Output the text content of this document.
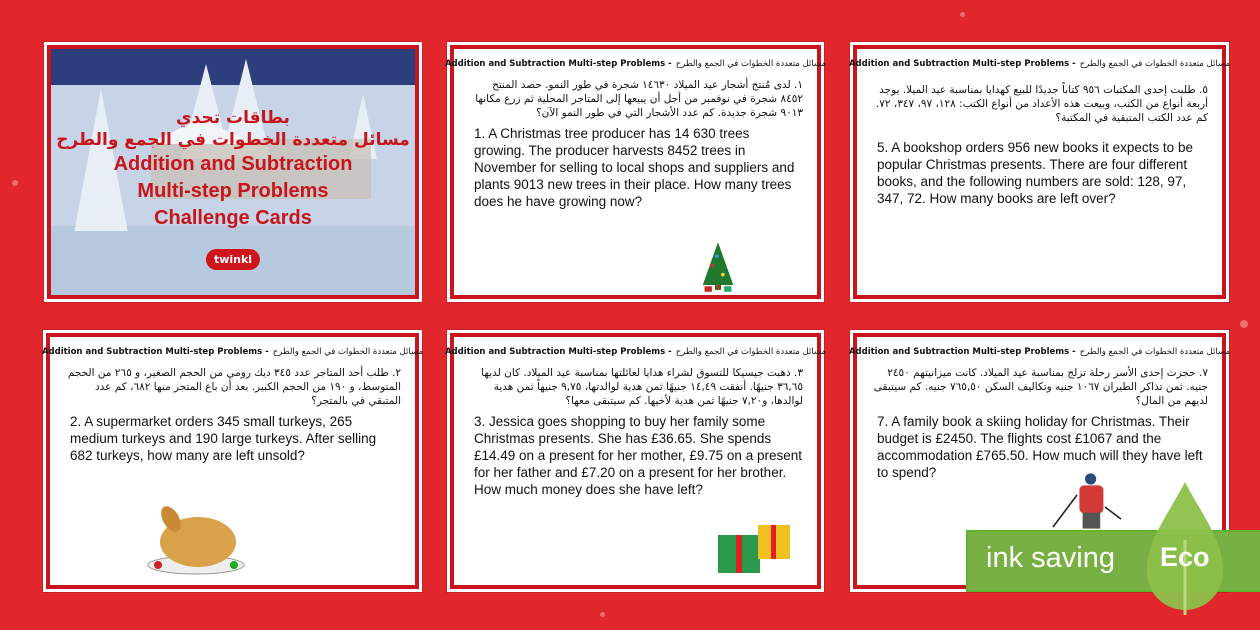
بطاقات تحدي
مسائل متعددة الخطوات في الجمع والطرح
Addition and Subtraction
Multi-step Problems
Challenge Cards
twinkl
Addition and Subtraction Multi-step Problems - مسائل متعددة الخطوات في الجمع والطرح
١. لدى مُنتج أشجار عيد الميلاد ١٤٦٣٠ شجرة في طور النمو. حصد المنتج ٨٤٥٢ شجرة في نوفمبر من أجل أن يبيعها إلى المتاجر المحلية ثم زرع مكانها ٩٠١٣ شجرة جديدة. كم عدد الأشجار التي في طور النمو الآن؟
1. A Christmas tree producer has 14 630 trees growing. The producer harvests 8452 trees in November for selling to local shops and suppliers and plants 9013 new trees in their place. How many trees does he have growing now?
Addition and Subtraction Multi-step Problems - مسائل متعددة الخطوات في الجمع والطرح
٥. طلبت إحدى المكتبات ٩٥٦ كتاباً جديدًا للبيع كهدايا بمناسبة عيد الميلا. يوجد أربعة أنواع من الكتب، وبيعت هذه الأعداد من أنواع الكتب: ١٢٨، ٩٧، ٣٤٧، ٧٢. كم عدد الكتب المتبقية في المكتبة؟
5. A bookshop orders 956 new books it expects to be popular Christmas presents. There are four different books, and the following numbers are sold: 128, 97, 347, 72. How many books are left over?
Addition and Subtraction Multi-step Problems - مسائل متعددة الخطوات في الجمع والطرح
٢. طلب أحد المتاجر عدد ٣٤٥ ديك رومي من الحجم الصغير، و ٢٦٥ من الحجم المتوسط، و ١٩٠ من الحجم الكبير. بعد أن باع المتجر منها ٦٨٢، كم عدد المتبقي في بالمتجر؟
2. A supermarket orders 345 small turkeys, 265 medium turkeys and 190 large turkeys. After selling 682 turkeys, how many are left unsold?
Addition and Subtraction Multi-step Problems - مسائل متعددة الخطوات في الجمع والطرح
٣. ذهبت جيسيكا للتسوق لشراء هدايا لعائلتها بمناسبة عيد الميلاد. كان لديها ٣٦,٦٥ جنيهًا. أنفقت ١٤,٤٩ جنيهًا ثمن هدية لوالدتها، ٩,٧٥ جنيهاً ثمن هدية لوالدها، و٧,٢٠ جنيهًا ثمن هدية لأخيها. كم سيتبقى معها؟
3. Jessica goes shopping to buy her family some Christmas presents. She has £36.65. She spends £14.49 on a present for her mother, £9.75 on a present for her father and £7.20 on a present for her brother. How much money does she have left?
Addition and Subtraction Multi-step Problems - مسائل متعددة الخطوات في الجمع والطرح
٧. حجزت إحدى الأسر رحلة تزلج بمناسبة عيد الميلاد. كانت ميزانيتهم ٢٤٥٠ جنيه. ثمن تذاكر الطيران ١٠٦٧ جنيه وتكاليف السكن ٧٦٥,٥٠ جنيه. كم سيتبقى لديهم من المال؟
7. A family book a skiing holiday for Christmas. Their budget is £2450. The flights cost £1067 and the accommodation £765.50. How much will they have left to spend?
ink saving Eco
